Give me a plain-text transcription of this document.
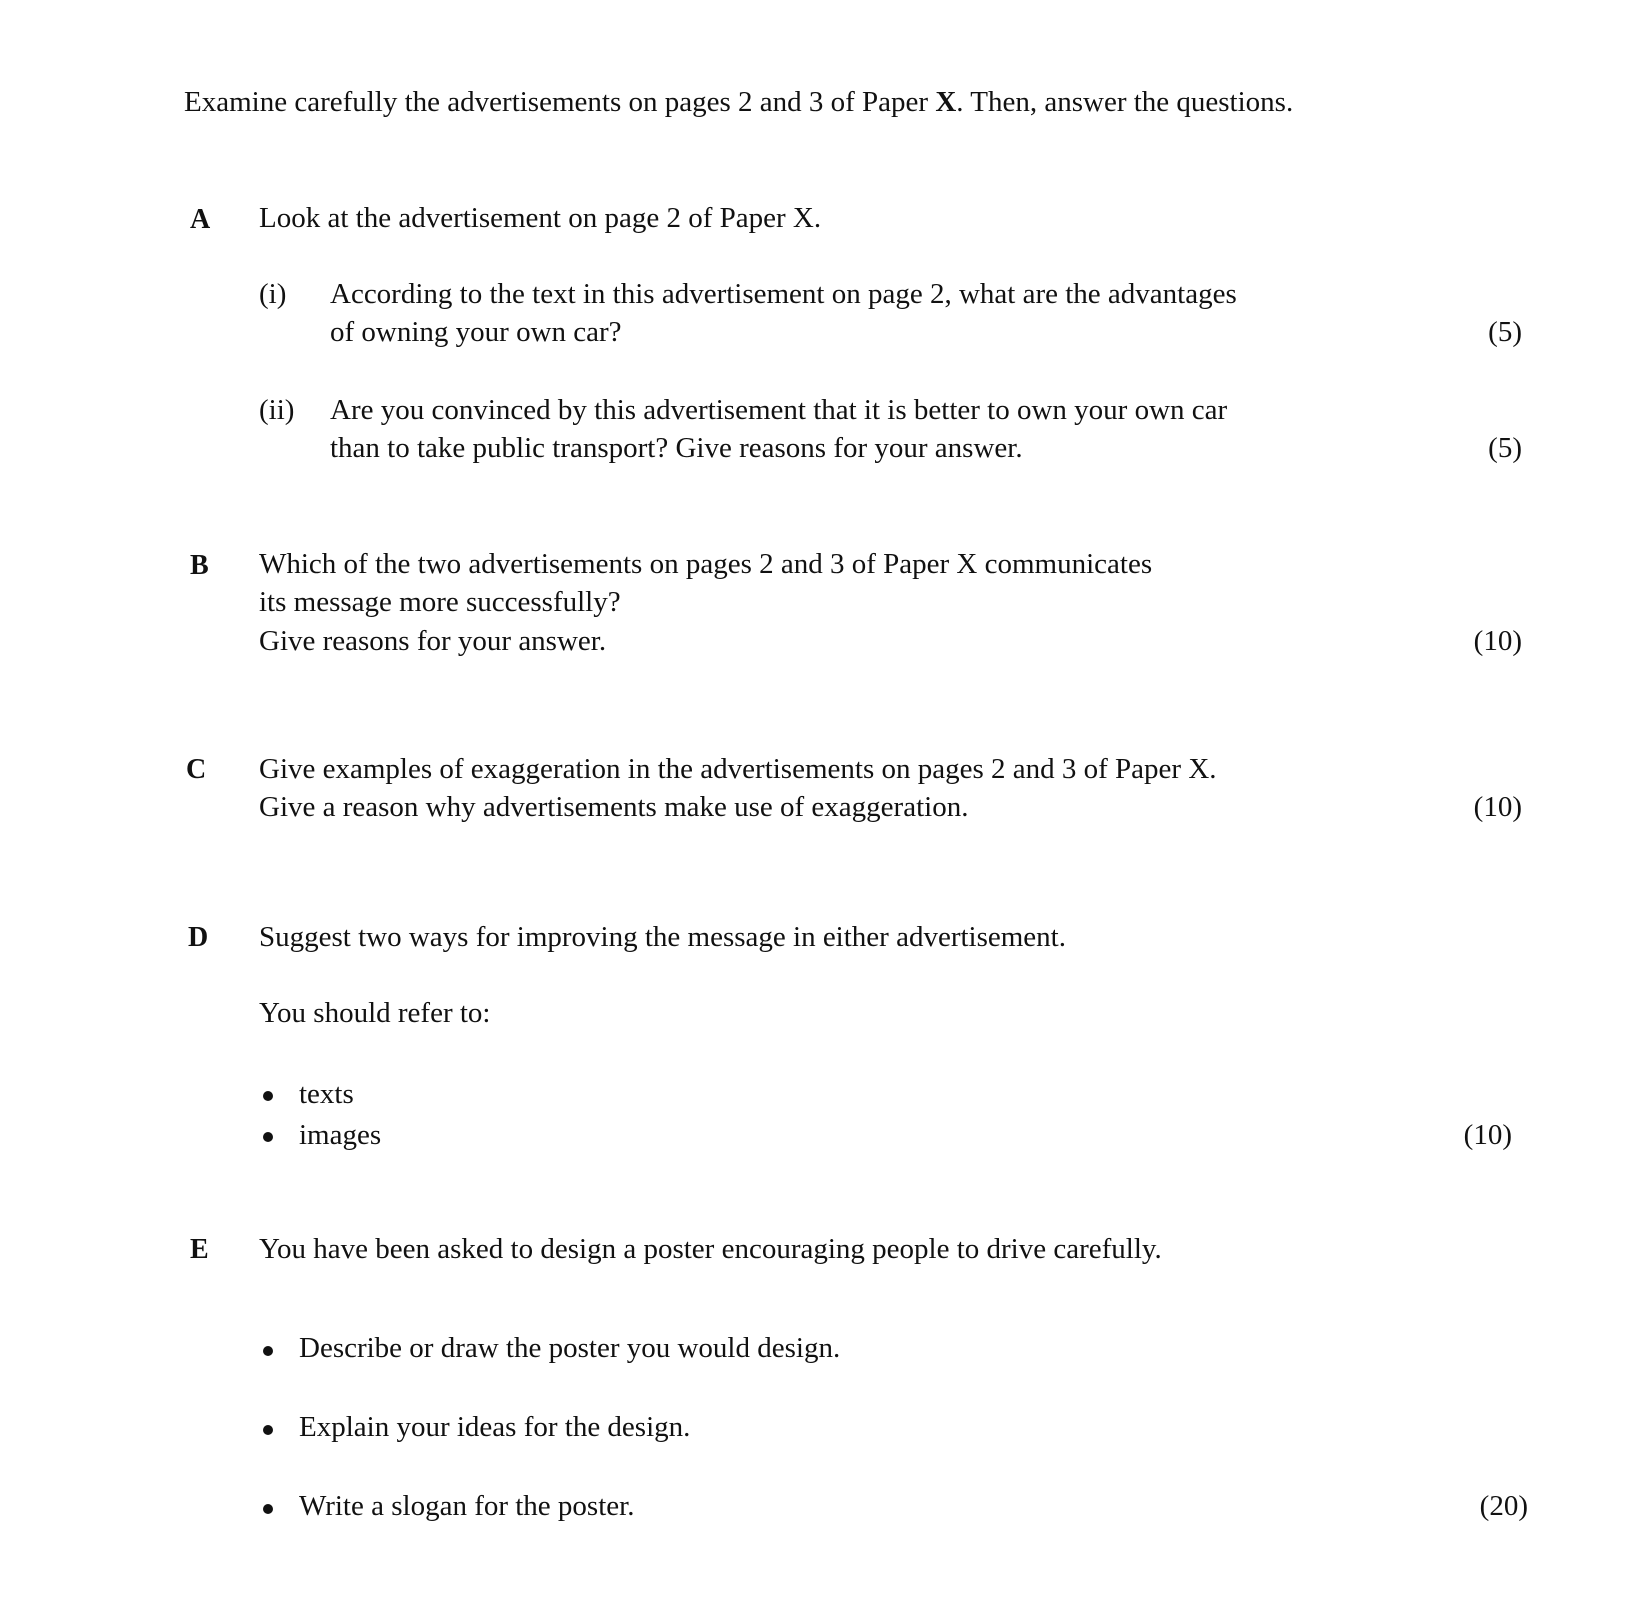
Examine carefully the advertisements on pages 2 and 3 of Paper X. Then, answer the questions.
A Look at the advertisement on page 2 of Paper X.
(i) According to the text in this advertisement on page 2, what are the advantages
of owning your own car?	(5)
(ii) Are you convinced by this advertisement that it is better to own your own car
than to take public transport? Give reasons for your answer.	(5)
B Which of the two advertisements on pages 2 and 3 of Paper X communicates
its message more successfully?
Give reasons for your answer.	(10)
C Give examples of exaggeration in the advertisements on pages 2 and 3 of Paper X.
Give a reason why advertisements make use of exaggeration.	(10)
D Suggest two ways for improving the message in either advertisement.
You should refer to:
texts
images	(10)
E You have been asked to design a poster encouraging people to drive carefully.
Describe or draw the poster you would design.
Explain your ideas for the design.
Write a slogan for the poster.	(20)
